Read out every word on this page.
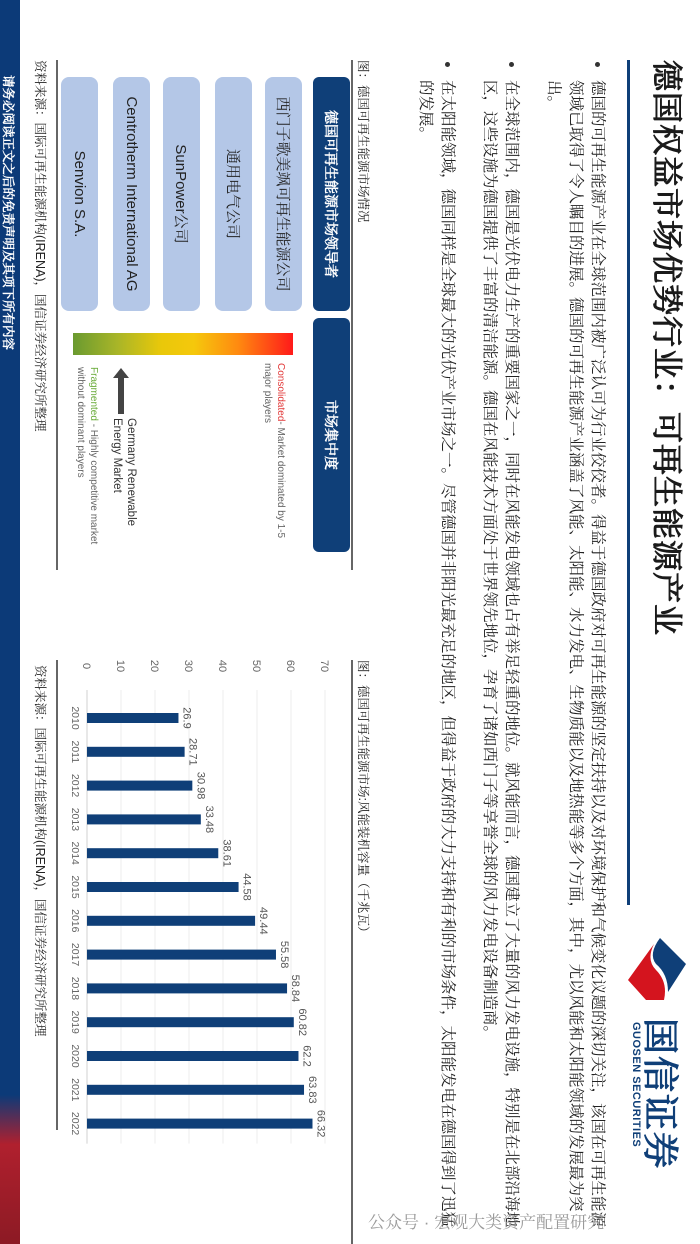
德国权益市场优势行业：可再生能源产业
国信证券
GUOSEN SECURITIES
德国的可再生能源产业在全球范围内被广泛认可为行业佼佼者。得益于德国政府对可再生能源的坚定扶持以及对环境保护和气候变化议题的深切关注，该国在可再生能源领域已取得了令人瞩目的进展。德国的可再生能源产业涵盖了风能、太阳能、水力发电、生物质能以及地热能等多个方面，其中，尤以风能和太阳能领域的发展最为突出。
在全球范围内，德国是光伏电力生产的重要国家之一，同时在风能发电领域也占有举足轻重的地位。就风能而言，德国建立了大量的风力发电设施，特别是在北部沿海地区，这些设施为德国提供了丰富的清洁能源。德国在风能技术方面处于世界领先地位，孕育了诸如西门子等享誉全球的风力发电设备制造商。
在太阳能领域，德国同样是全球最大的光伏产业市场之一。尽管德国并非阳光最充足的地区，但得益于政府的大力支持和有利的市场条件，太阳能发电在德国得到了迅猛的发展。
图：德国可再生能源市场情况
德国可再生能源市场领导者
市场集中度
西门子歌美飒可再生能源公司
通用电气公司
SunPower公司
Centrotherm International AG
Senvion S.A.
Consolidated- Market dominated by 1-5 major players
Germany Renewable Energy Market
Fragmented - Highly competitive market without dominant players
资料来源：国际可再生能源机构(IRENA)，国信证券经济研究所整理
图：德国可再生能源市场:风能装机容量（千兆瓦）
0 10 20 30 40 50 60 70
26.9
2010
28.71
2011
30.98
2012
33.48
2013
38.61
2014
44.58
2015
49.44
2016
55.58
2017
58.84
2018
60.82
2019
62.2
2020
63.83
2021
66.32
2022
资料来源：国际可再生能源机构(IRENA)，国信证券经济研究所整理
请务必阅读正文之后的免责声明及其项下所有内容
公众号 · 宏观大类资产配置研究
